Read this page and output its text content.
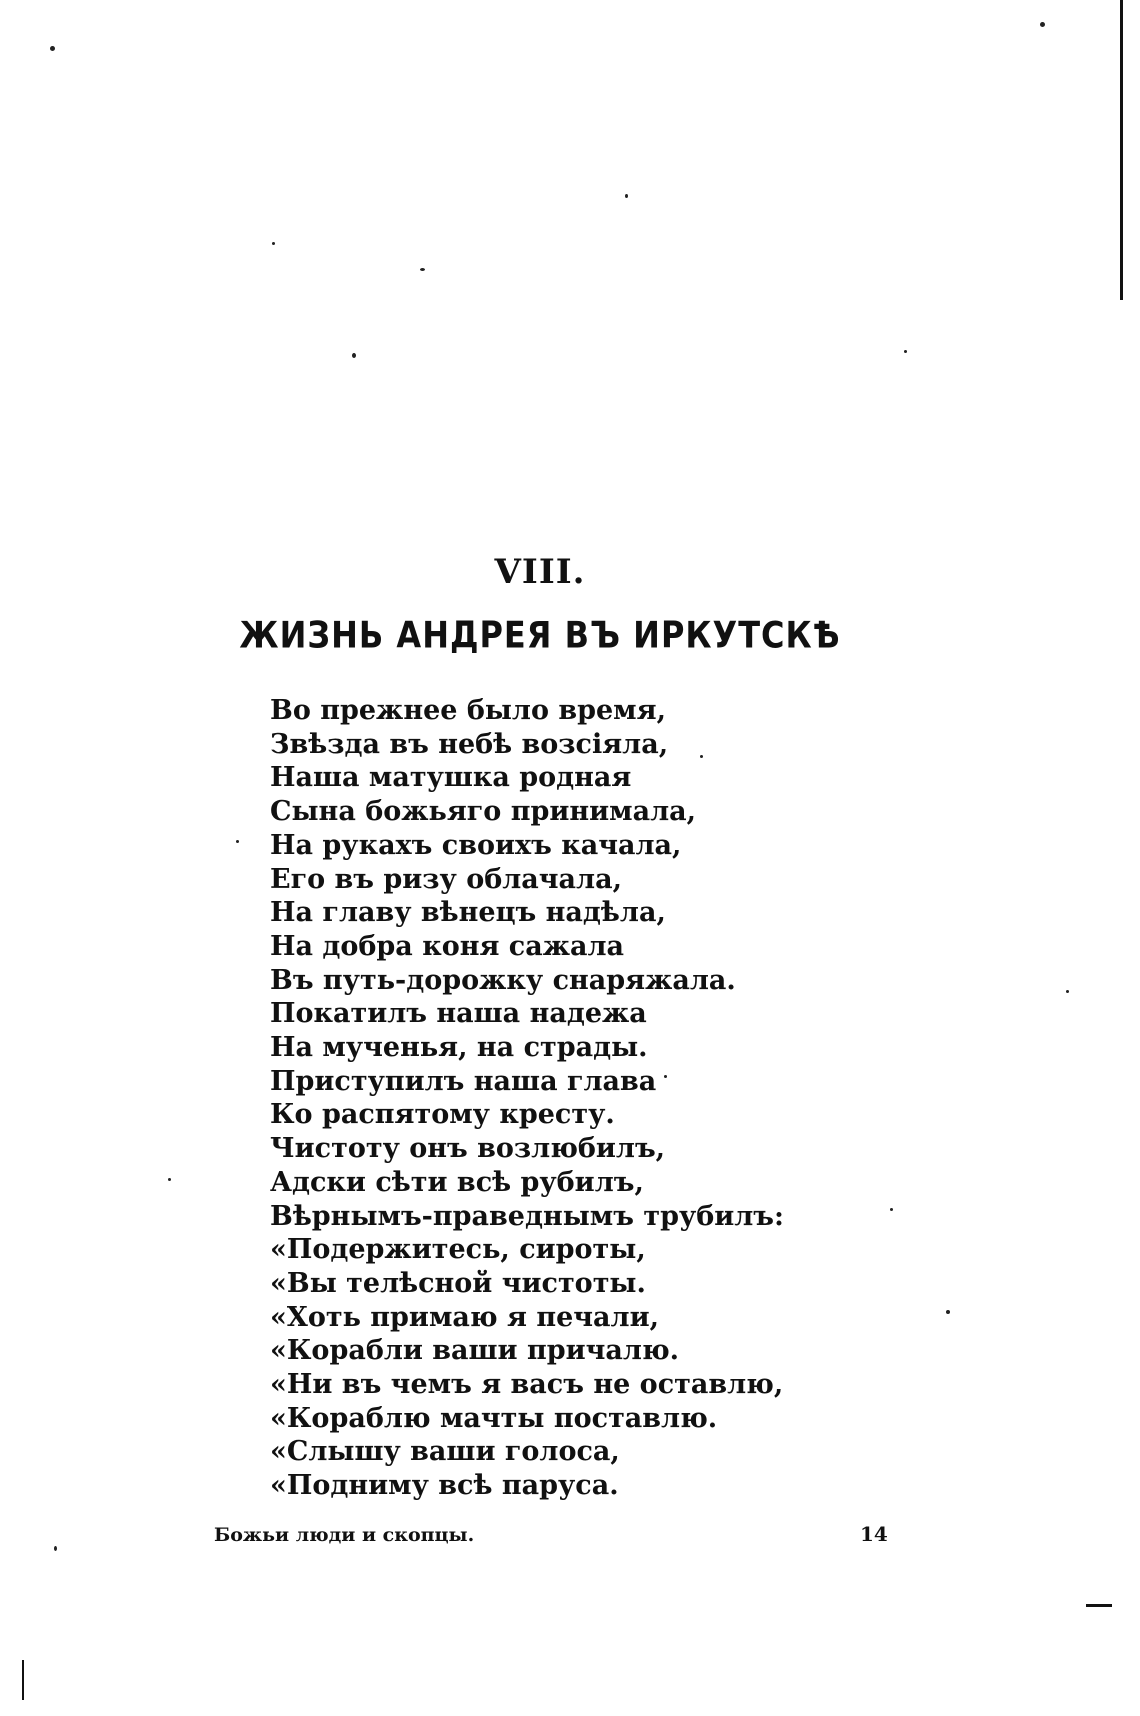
VIII.
ЖИЗНЬ АНДРЕЯ ВЪ ИРКУТСКѢ
Во прежнее было время,
Звѣзда въ небѣ возсіяла,
Наша матушка родная
Сына божьяго принимала,
На рукахъ своихъ качала,
Его въ ризу облачала,
На главу вѣнецъ надѣла,
На добра коня сажала
Въ путь-дорожку снаряжала.
Покатилъ наша надежа
На мученья, на страды.
Приступилъ наша глава
Ко распятому кресту.
Чистоту онъ возлюбилъ,
Адски сѣти всѣ рубилъ,
Вѣрнымъ-праведнымъ трубилъ:
«Подержитесь, сироты,
«Вы телѣсной чистоты.
«Хоть примаю я печали,
«Корабли ваши причалю.
«Ни въ чемъ я васъ не оставлю,
«Кораблю мачты поставлю.
«Слышу ваши голоса,
«Подниму всѣ паруса.
Божьи люди и скопцы.	14
